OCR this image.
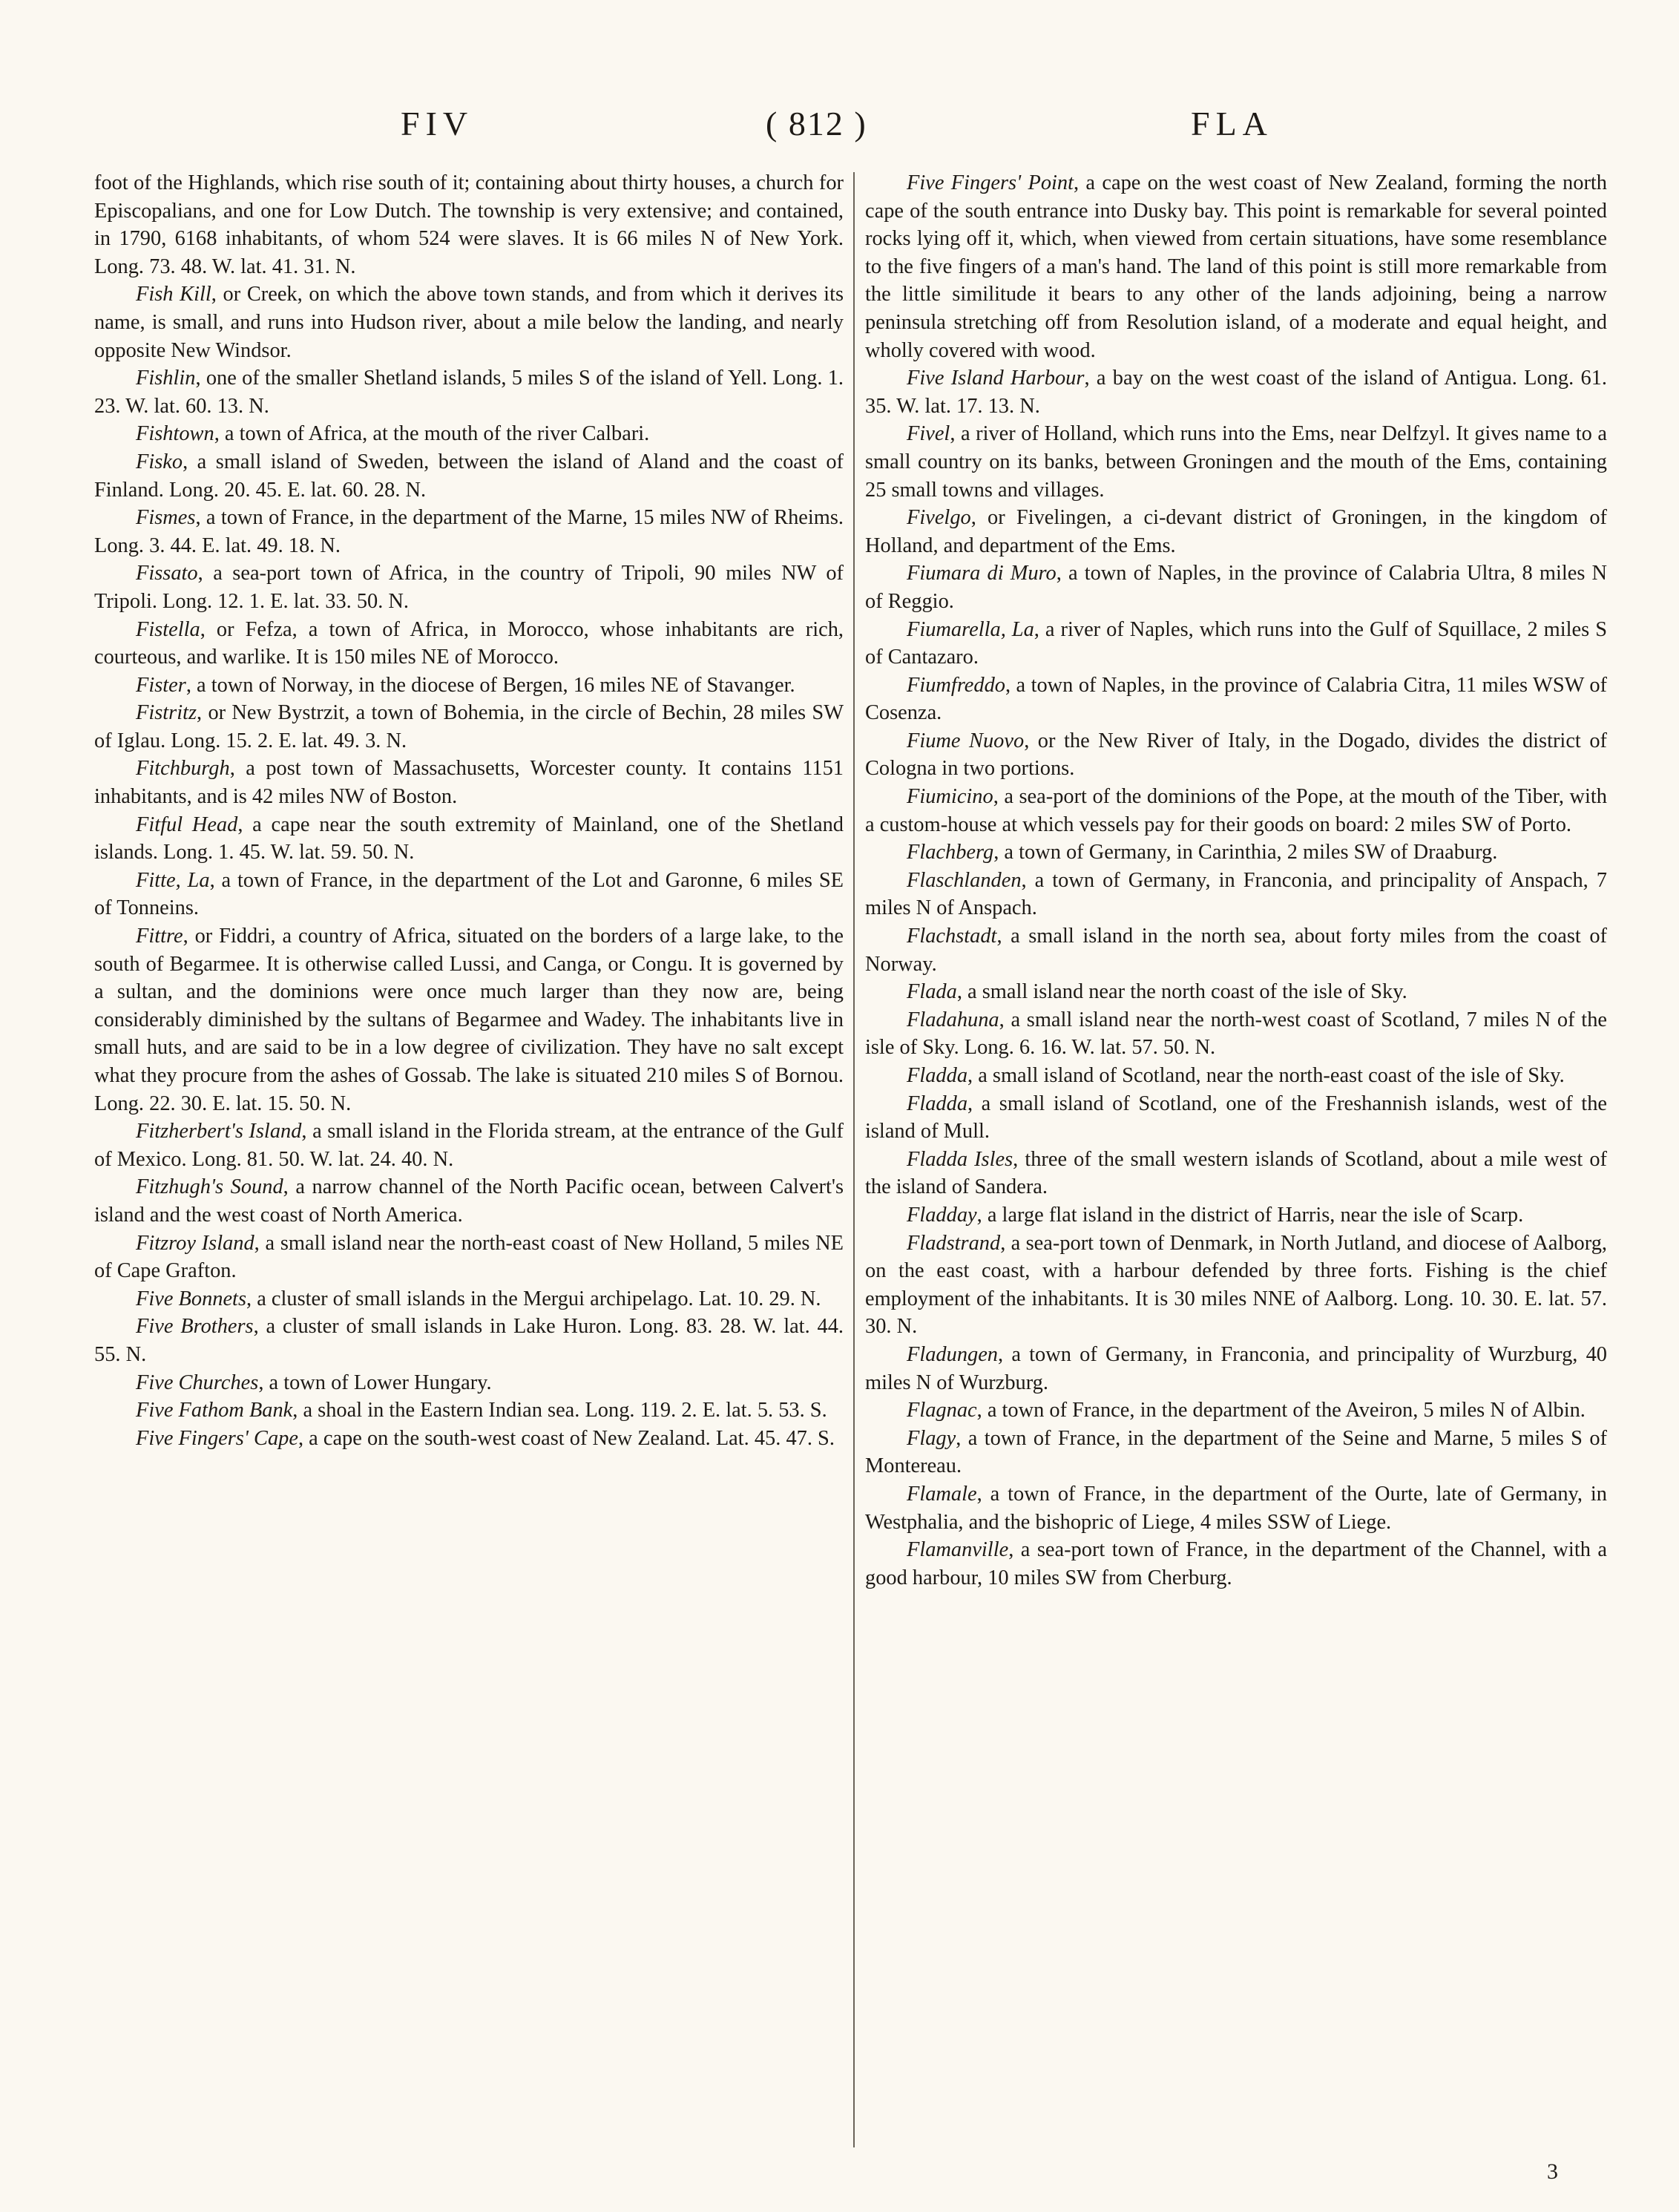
FIV	( 812 )	FLA

foot of the Highlands, which rise south of it; containing about thirty houses, a church for Episcopalians, and one for Low Dutch. The township is very extensive; and contained, in 1790, 6168 inhabitants, of whom 524 were slaves. It is 66 miles N of New York. Long. 73. 48. W. lat. 41. 31. N.

Fish Kill, or Creek, on which the above town stands, and from which it derives its name, is small, and runs into Hudson river, about a mile below the landing, and nearly opposite New Windsor.

Fishlin, one of the smaller Shetland islands, 5 miles S of the island of Yell. Long. 1. 23. W. lat. 60. 13. N.

Fishtown, a town of Africa, at the mouth of the river Calbari.

Fisko, a small island of Sweden, between the island of Aland and the coast of Finland. Long. 20. 45. E. lat. 60. 28. N.

Fismes, a town of France, in the department of the Marne, 15 miles NW of Rheims. Long. 3. 44. E. lat. 49. 18. N.

Fissato, a sea-port town of Africa, in the country of Tripoli, 90 miles NW of Tripoli. Long. 12. 1. E. lat. 33. 50. N.

Fistella, or Fefza, a town of Africa, in Morocco, whose inhabitants are rich, courteous, and warlike. It is 150 miles NE of Morocco.

Fister, a town of Norway, in the diocese of Bergen, 16 miles NE of Stavanger.

Fistritz, or New Bystrzit, a town of Bohemia, in the circle of Bechin, 28 miles SW of Iglau. Long. 15. 2. E. lat. 49. 3. N.

Fitchburgh, a post town of Massachusetts, Worcester county. It contains 1151 inhabitants, and is 42 miles NW of Boston.

Fitful Head, a cape near the south extremity of Mainland, one of the Shetland islands. Long. 1. 45. W. lat. 59. 50. N.

Fitte, La, a town of France, in the department of the Lot and Garonne, 6 miles SE of Tonneins.

Fittre, or Fiddri, a country of Africa, situated on the borders of a large lake, to the south of Begarmee. It is otherwise called Lussi, and Canga, or Congu. It is governed by a sultan, and the dominions were once much larger than they now are, being considerably diminished by the sultans of Begarmee and Wadey. The inhabitants live in small huts, and are said to be in a low degree of civilization. They have no salt except what they procure from the ashes of Gossab. The lake is situated 210 miles S of Bornou. Long. 22. 30. E. lat. 15. 50. N.

Fitzherbert's Island, a small island in the Florida stream, at the entrance of the Gulf of Mexico. Long. 81. 50. W. lat. 24. 40. N.

Fitzhugh's Sound, a narrow channel of the North Pacific ocean, between Calvert's island and the west coast of North America.

Fitzroy Island, a small island near the north-east coast of New Holland, 5 miles NE of Cape Grafton.

Five Bonnets, a cluster of small islands in the Mergui archipelago. Lat. 10. 29. N.

Five Brothers, a cluster of small islands in Lake Huron. Long. 83. 28. W. lat. 44. 55. N.

Five Churches, a town of Lower Hungary.

Five Fathom Bank, a shoal in the Eastern Indian sea. Long. 119. 2. E. lat. 5. 53. S.

Five Fingers' Cape, a cape on the south-west coast of New Zealand. Lat. 45. 47. S.

Five Fingers' Point, a cape on the west coast of New Zealand, forming the north cape of the south entrance into Dusky bay. This point is remarkable for several pointed rocks lying off it, which, when viewed from certain situations, have some resemblance to the five fingers of a man's hand. The land of this point is still more remarkable from the little similitude it bears to any other of the lands adjoining, being a narrow peninsula stretching off from Resolution island, of a moderate and equal height, and wholly covered with wood.

Five Island Harbour, a bay on the west coast of the island of Antigua. Long. 61. 35. W. lat. 17. 13. N.

Fivel, a river of Holland, which runs into the Ems, near Delfzyl. It gives name to a small country on its banks, between Groningen and the mouth of the Ems, containing 25 small towns and villages.

Fivelgo, or Fivelingen, a ci-devant district of Groningen, in the kingdom of Holland, and department of the Ems.

Fiumara di Muro, a town of Naples, in the province of Calabria Ultra, 8 miles N of Reggio.

Fiumarella, La, a river of Naples, which runs into the Gulf of Squillace, 2 miles S of Cantazaro.

Fiumfreddo, a town of Naples, in the province of Calabria Citra, 11 miles WSW of Cosenza.

Fiume Nuovo, or the New River of Italy, in the Dogado, divides the district of Cologna in two portions.

Fiumicino, a sea-port of the dominions of the Pope, at the mouth of the Tiber, with a custom-house at which vessels pay for their goods on board: 2 miles SW of Porto.

Flachberg, a town of Germany, in Carinthia, 2 miles SW of Draaburg.

Flaschlanden, a town of Germany, in Franconia, and principality of Anspach, 7 miles N of Anspach.

Flachstadt, a small island in the north sea, about forty miles from the coast of Norway.

Flada, a small island near the north coast of the isle of Sky.

Fladahuna, a small island near the north-west coast of Scotland, 7 miles N of the isle of Sky. Long. 6. 16. W. lat. 57. 50. N.

Fladda, a small island of Scotland, near the north-east coast of the isle of Sky.

Fladda, a small island of Scotland, one of the Freshannish islands, west of the island of Mull.

Fladda Isles, three of the small western islands of Scotland, about a mile west of the island of Sandera.

Fladday, a large flat island in the district of Harris, near the isle of Scarp.

Fladstrand, a sea-port town of Denmark, in North Jutland, and diocese of Aalborg, on the east coast, with a harbour defended by three forts. Fishing is the chief employment of the inhabitants. It is 30 miles NNE of Aalborg. Long. 10. 30. E. lat. 57. 30. N.

Fladungen, a town of Germany, in Franconia, and principality of Wurzburg, 40 miles N of Wurzburg.

Flagnac, a town of France, in the department of the Aveiron, 5 miles N of Albin.

Flagy, a town of France, in the department of the Seine and Marne, 5 miles S of Montereau.

Flamale, a town of France, in the department of the Ourte, late of Germany, in Westphalia, and the bishopric of Liege, 4 miles SSW of Liege.

Flamanville, a sea-port town of France, in the department of the Channel, with a good harbour, 10 miles SW from Cherburg.

3
